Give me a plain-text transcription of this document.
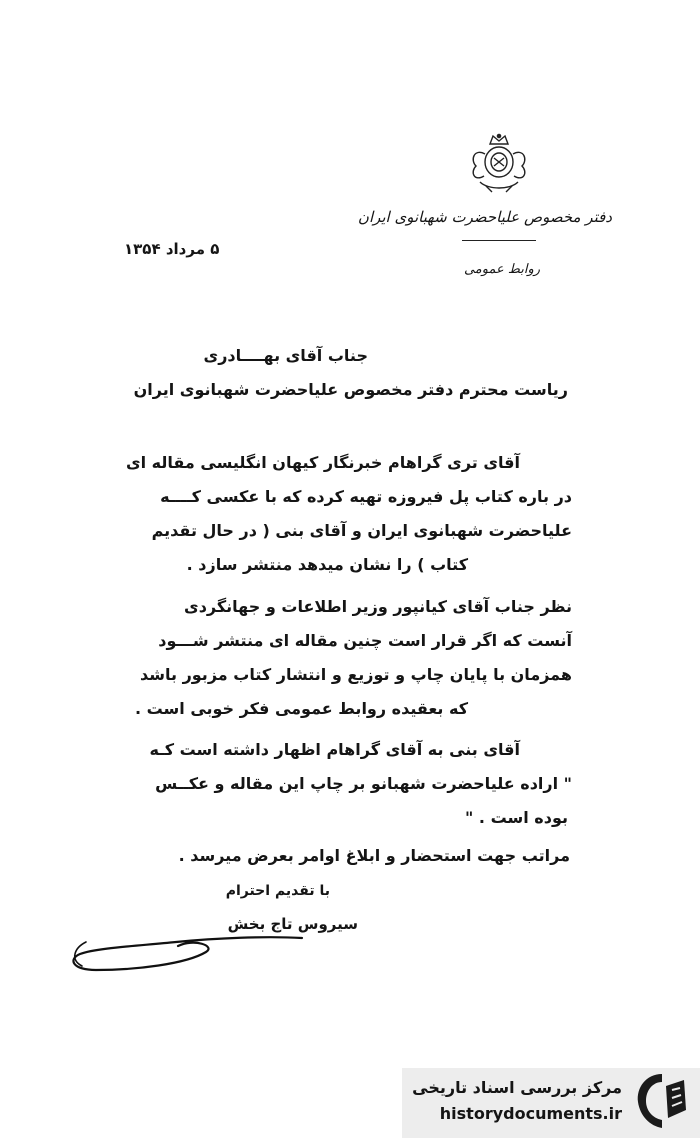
دفتر مخصوص علیاحضرت شهبانوی ایران
روابط عمومی
۵ مرداد ۱۳۵۴
جناب آقای بهــــادری
ریاست محترم دفتر مخصوص علیاحضرت شهبانوی ایران
آقای تری گراهام خبرنگار کیهان انگلیسی مقاله ای
در باره کتاب پل فیروزه تهیه کرده که با عکسی کــــه
علیاحضرت شهبانوی ایران و آقای بنی ( در حال تقدیم
کتاب ) را نشان میدهد منتشر سازد .
نظر جناب آقای کیانپور وزیر اطلاعات و جهانگردی
آنست که اگر قرار است چنین مقاله ای منتشر شـــود
همزمان با پایان چاپ و توزیع و انتشار کتاب مزبور باشد
که بعقیده روابط عمومی فکر خوبی است .
آقای بنی به آقای گراهام اظهار داشته است کـه
" اراده علیاحضرت شهبانو بر چاپ این مقاله و عکــس
بوده است . "
مراتب جهت استحضار و ابلاغ اوامر بعرض میرسد .
با تقدیم احترام
سیروس تاج بخش
مرکز بررسی اسناد تاریخی
historydocuments.ir
